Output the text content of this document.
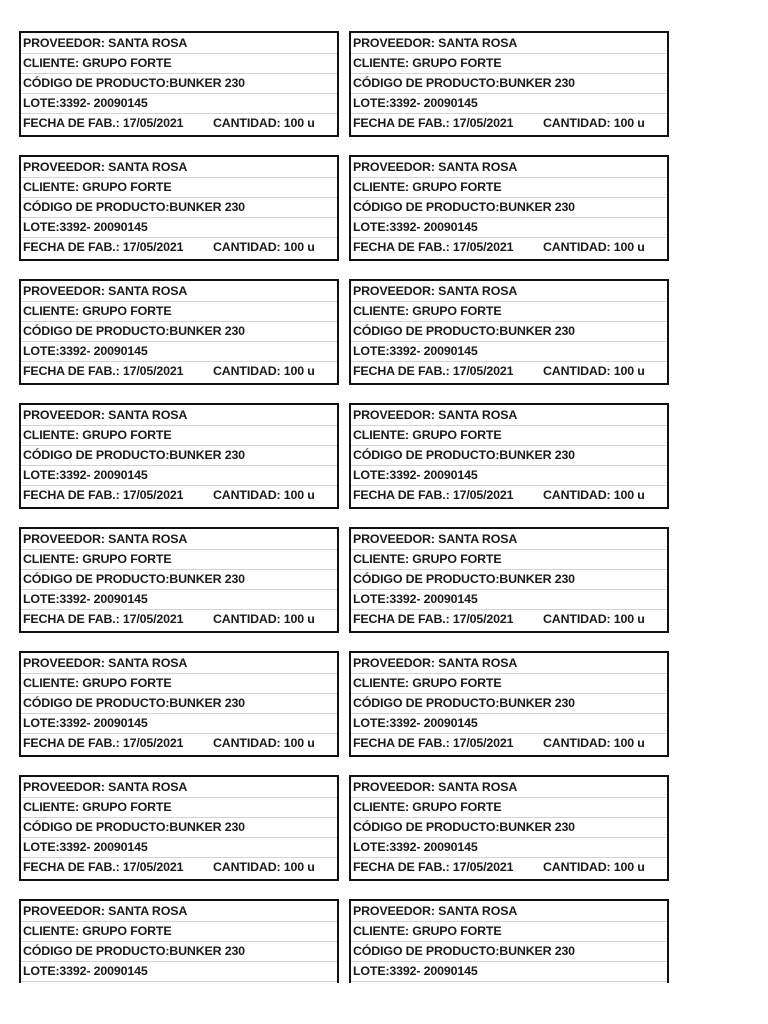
PROVEEDOR: SANTA ROSA
CLIENTE: GRUPO FORTE
CÓDIGO DE PRODUCTO:BUNKER 230
LOTE:3392- 20090145
FECHA DE FAB.: 17/05/2021 CANTIDAD: 100 u
PROVEEDOR: SANTA ROSA
CLIENTE: GRUPO FORTE
CÓDIGO DE PRODUCTO:BUNKER 230
LOTE:3392- 20090145
FECHA DE FAB.: 17/05/2021 CANTIDAD: 100 u
PROVEEDOR: SANTA ROSA
CLIENTE: GRUPO FORTE
CÓDIGO DE PRODUCTO:BUNKER 230
LOTE:3392- 20090145
FECHA DE FAB.: 17/05/2021 CANTIDAD: 100 u
PROVEEDOR: SANTA ROSA
CLIENTE: GRUPO FORTE
CÓDIGO DE PRODUCTO:BUNKER 230
LOTE:3392- 20090145
FECHA DE FAB.: 17/05/2021 CANTIDAD: 100 u
PROVEEDOR: SANTA ROSA
CLIENTE: GRUPO FORTE
CÓDIGO DE PRODUCTO:BUNKER 230
LOTE:3392- 20090145
FECHA DE FAB.: 17/05/2021 CANTIDAD: 100 u
PROVEEDOR: SANTA ROSA
CLIENTE: GRUPO FORTE
CÓDIGO DE PRODUCTO:BUNKER 230
LOTE:3392- 20090145
FECHA DE FAB.: 17/05/2021 CANTIDAD: 100 u
PROVEEDOR: SANTA ROSA
CLIENTE: GRUPO FORTE
CÓDIGO DE PRODUCTO:BUNKER 230
LOTE:3392- 20090145
FECHA DE FAB.: 17/05/2021 CANTIDAD: 100 u
PROVEEDOR: SANTA ROSA
CLIENTE: GRUPO FORTE
CÓDIGO DE PRODUCTO:BUNKER 230
LOTE:3392- 20090145
FECHA DE FAB.: 17/05/2021 CANTIDAD: 100 u
PROVEEDOR: SANTA ROSA
CLIENTE: GRUPO FORTE
CÓDIGO DE PRODUCTO:BUNKER 230
LOTE:3392- 20090145
FECHA DE FAB.: 17/05/2021 CANTIDAD: 100 u
PROVEEDOR: SANTA ROSA
CLIENTE: GRUPO FORTE
CÓDIGO DE PRODUCTO:BUNKER 230
LOTE:3392- 20090145
FECHA DE FAB.: 17/05/2021 CANTIDAD: 100 u
PROVEEDOR: SANTA ROSA
CLIENTE: GRUPO FORTE
CÓDIGO DE PRODUCTO:BUNKER 230
LOTE:3392- 20090145
FECHA DE FAB.: 17/05/2021 CANTIDAD: 100 u
PROVEEDOR: SANTA ROSA
CLIENTE: GRUPO FORTE
CÓDIGO DE PRODUCTO:BUNKER 230
LOTE:3392- 20090145
FECHA DE FAB.: 17/05/2021 CANTIDAD: 100 u
PROVEEDOR: SANTA ROSA
CLIENTE: GRUPO FORTE
CÓDIGO DE PRODUCTO:BUNKER 230
LOTE:3392- 20090145
FECHA DE FAB.: 17/05/2021 CANTIDAD: 100 u
PROVEEDOR: SANTA ROSA
CLIENTE: GRUPO FORTE
CÓDIGO DE PRODUCTO:BUNKER 230
LOTE:3392- 20090145
FECHA DE FAB.: 17/05/2021 CANTIDAD: 100 u
PROVEEDOR: SANTA ROSA
CLIENTE: GRUPO FORTE
CÓDIGO DE PRODUCTO:BUNKER 230
LOTE:3392- 20090145
PROVEEDOR: SANTA ROSA
CLIENTE: GRUPO FORTE
CÓDIGO DE PRODUCTO:BUNKER 230
LOTE:3392- 20090145
